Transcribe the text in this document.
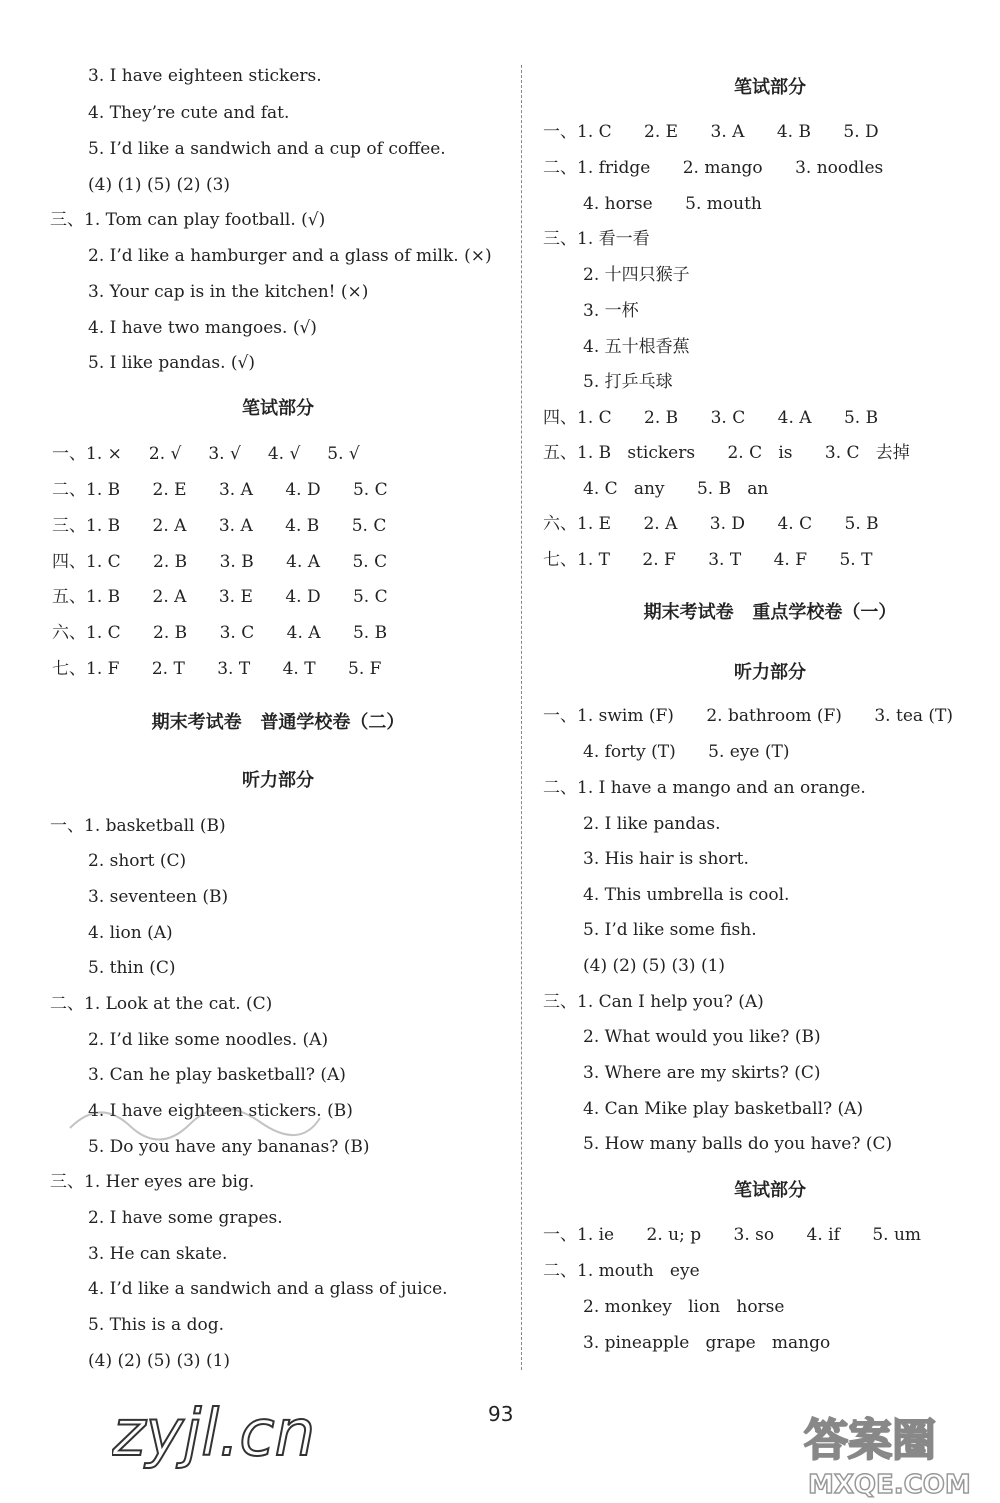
3. I have eighteen stickers.
4. They’re cute and fat.
5. I’d like a sandwich and a cup of coffee.
(4) (1) (5) (2) (3)
三、1. Tom can play football. (√)
2. I’d like a hamburger and a glass of milk. (×)
3. Your cap is in the kitchen! (×)
4. I have two mangoes. (√)
5. I like pandas. (√)
笔试部分
一、1. ×     2. √     3. √     4. √     5. √
二、1. B      2. E      3. A      4. D      5. C
三、1. B      2. A      3. A      4. B      5. C
四、1. C      2. B      3. B      4. A      5. C
五、1. B      2. A      3. E      4. D      5. C
六、1. C      2. B      3. C      4. A      5. B
七、1. F      2. T      3. T      4. T      5. F
期末考试卷   普通学校卷（二）
听力部分
一、1. basketball (B)
2. short (C)
3. seventeen (B)
4. lion (A)
5. thin (C)
二、1. Look at the cat. (C)
2. I’d like some noodles. (A)
3. Can he play basketball? (A)
4. I have eighteen stickers. (B)
5. Do you have any bananas? (B)
三、1. Her eyes are big.
2. I have some grapes.
3. He can skate.
4. I’d like a sandwich and a glass of juice.
5. This is a dog.
(4) (2) (5) (3) (1)
笔试部分
一、1. C      2. E      3. A      4. B      5. D
二、1. fridge      2. mango      3. noodles
4. horse      5. mouth
三、1. 看一看
2. 十四只猴子
3. 一杯
4. 五十根香蕉
5. 打乒乓球
四、1. C      2. B      3. C      4. A      5. B
五、1. B   stickers      2. C   is      3. C   去掉
4. C   any      5. B   an
六、1. E      2. A      3. D      4. C      5. B
七、1. T      2. F      3. T      4. F      5. T
期末考试卷   重点学校卷（一）
听力部分
一、1. swim (F)      2. bathroom (F)      3. tea (T)
4. forty (T)      5. eye (T)
二、1. I have a mango and an orange.
2. I like pandas.
3. His hair is short.
4. This umbrella is cool.
5. I’d like some fish.
(4) (2) (5) (3) (1)
三、1. Can I help you? (A)
2. What would you like? (B)
3. Where are my skirts? (C)
4. Can Mike play basketball? (A)
5. How many balls do you have? (C)
笔试部分
一、1. ie      2. u; p      3. so      4. if      5. um
二、1. mouth   eye
2. monkey   lion   horse
3. pineapple   grape   mango
zyjl.cn	93
答案圈
MXQE.COM
